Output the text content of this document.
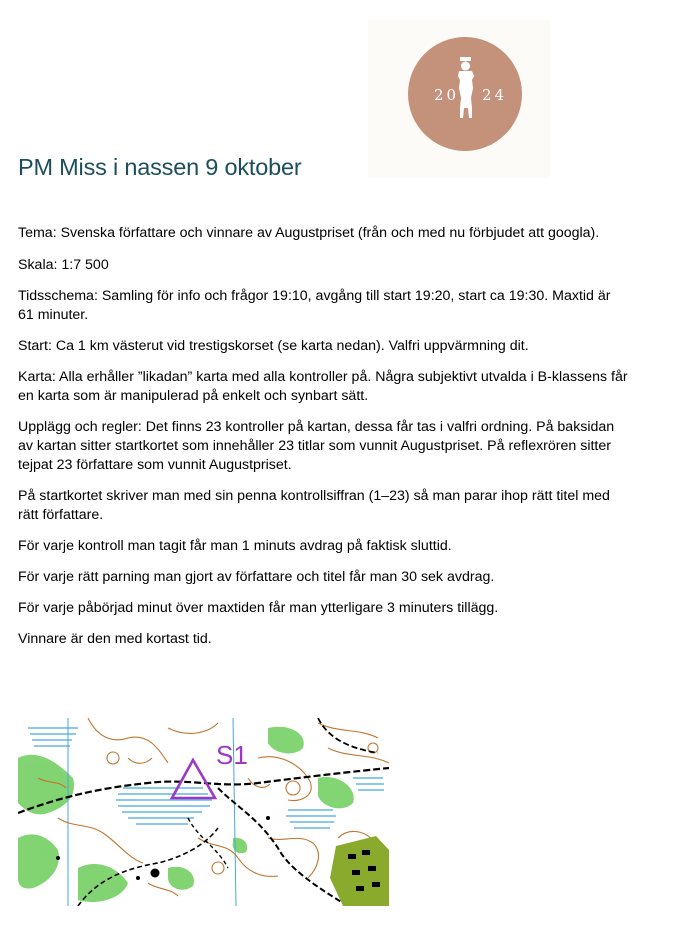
20 24
PM Miss i nassen 9 oktober

Tema: Svenska författare och vinnare av Augustpriset (från och med nu förbjudet att googla).

Skala: 1:7 500

Tidsschema: Samling för info och frågor 19:10, avgång till start 19:20, start ca 19:30. Maxtid är 61 minuter.

Start: Ca 1 km västerut vid trestigskorset (se karta nedan). Valfri uppvärmning dit.

Karta: Alla erhåller ”likadan” karta med alla kontroller på. Några subjektivt utvalda i B-klassens får en karta som är manipulerad på enkelt och synbart sätt.

Upplägg och regler: Det finns 23 kontroller på kartan, dessa får tas i valfri ordning. På baksidan av kartan sitter startkortet som innehåller 23 titlar som vunnit Augustpriset. På reflexrören sitter tejpat 23 författare som vunnit Augustpriset.

På startkortet skriver man med sin penna kontrollsiffran (1–23) så man parar ihop rätt titel med rätt författare.

För varje kontroll man tagit får man 1 minuts avdrag på faktisk sluttid.

För varje rätt parning man gjort av författare och titel får man 30 sek avdrag.

För varje påbörjad minut över maxtiden får man ytterligare 3 minuters tillägg.

Vinnare är den med kortast tid.

S1
